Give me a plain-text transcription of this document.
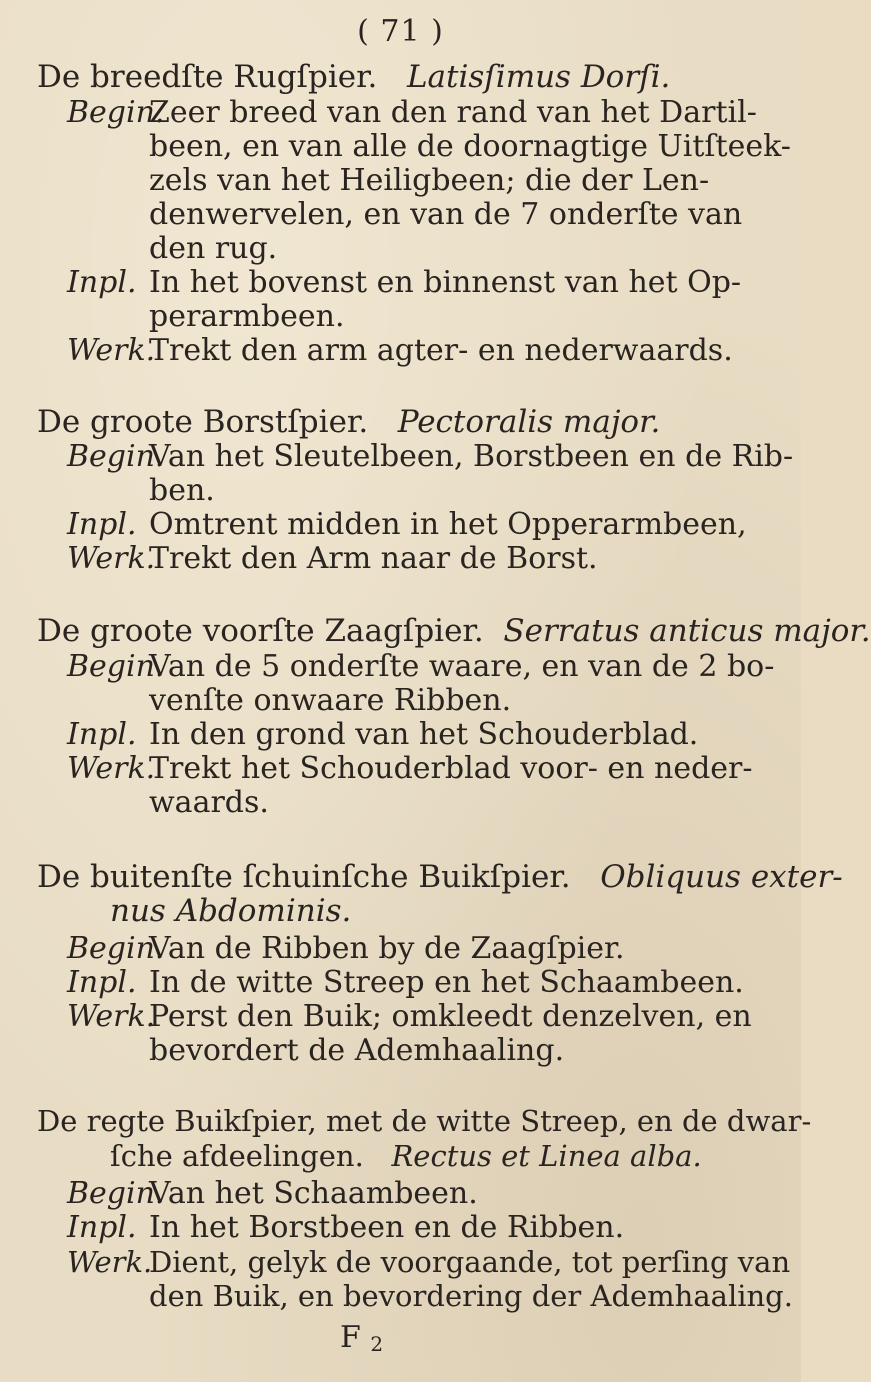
( 71 )
De breedſte Rugſpier. Latisſimus Dorſi.
Begin.Zeer breed van den rand van het Dartil-
been, en van alle de doornagtige Uitſteek-
zels van het Heiligbeen; die der Len-
denwervelen, en van de 7 onderſte van
den rug.
Inpl. In het bovenst en binnenst van het Op-
perarmbeen.
Werk.Trekt den arm agter- en nederwaards.
De groote Borstſpier. Pectoralis major.
Begin.Van het Sleutelbeen, Borstbeen en de Rib-
ben.
Inpl. Omtrent midden in het Opperarmbeen,
Werk.Trekt den Arm naar de Borst.
De groote voorſte Zaagſpier. Serratus anticus major.
Begin.Van de 5 onderſte waare, en van de 2 bo-
venſte onwaare Ribben.
Inpl. In den grond van het Schouderblad.
Werk.Trekt het Schouderblad voor- en neder-
waards.
De buitenſte ſchuinſche Buikſpier. Obliquus exter-
nus Abdominis.
Begin.Van de Ribben by de Zaagſpier.
Inpl. In de witte Streep en het Schaambeen.
Werk.Perst den Buik; omkleedt denzelven, en
bevordert de Ademhaaling.
De regte Buikſpier, met de witte Streep, en de dwar-
ſche afdeelingen. Rectus et Linea alba.
Begin.Van het Schaambeen.
Inpl. In het Borstbeen en de Ribben.
Werk.Dient, gelyk de voorgaande, tot perſing van
den Buik, en bevordering der Ademhaaling.
F 2
